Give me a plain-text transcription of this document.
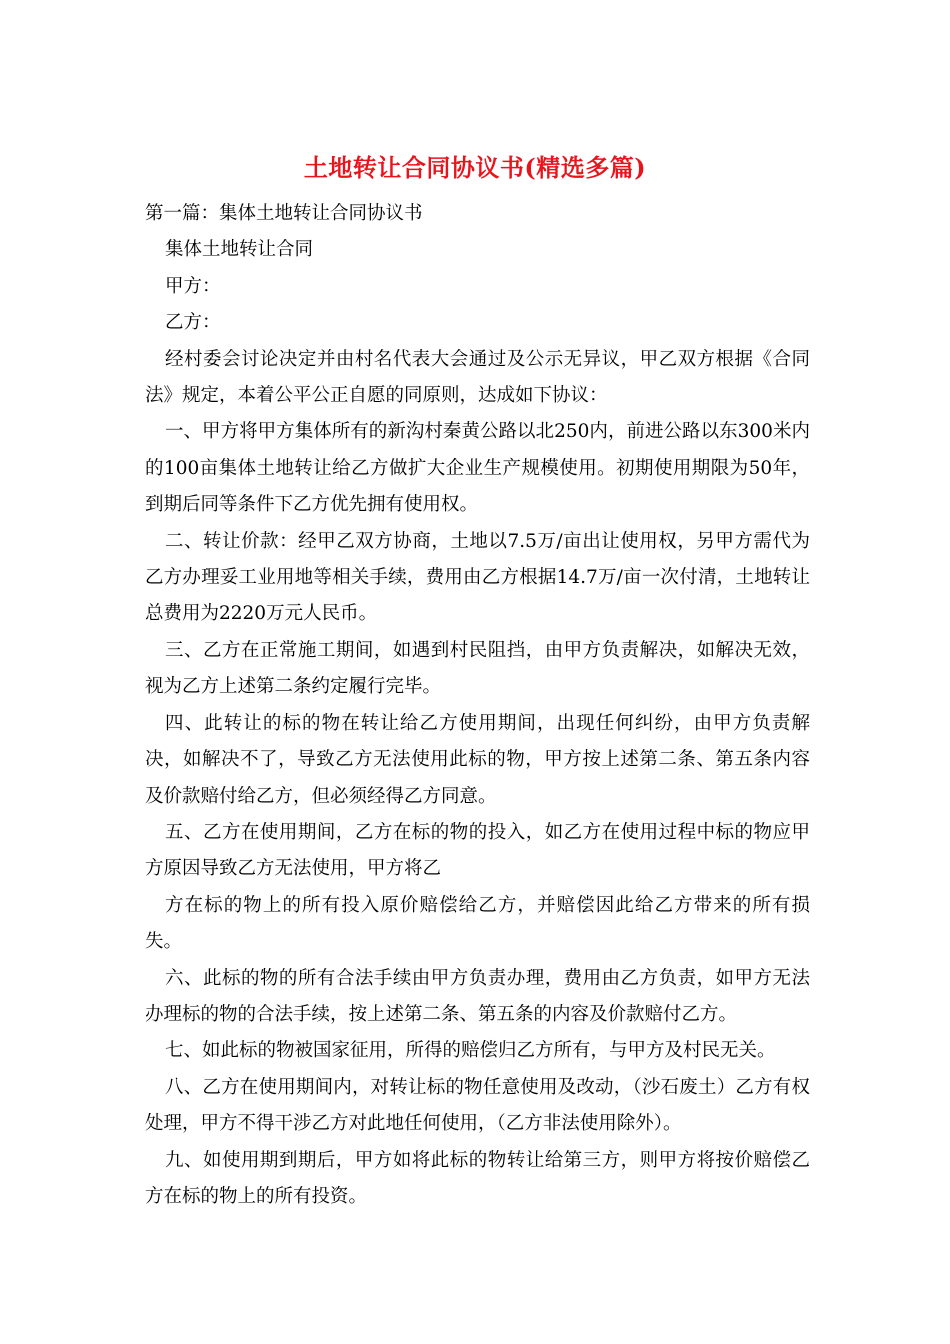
土地转让合同协议书(精选多篇)

第一篇：集体土地转让合同协议书

集体土地转让合同

甲方：

乙方：

经村委会讨论决定并由村名代表大会通过及公示无异议，甲乙双方根据《合同法》规定，本着公平公正自愿的同原则，达成如下协议：

一、甲方将甲方集体所有的新沟村秦黄公路以北250内，前进公路以东300米内的100亩集体土地转让给乙方做扩大企业生产规模使用。初期使用期限为50年，到期后同等条件下乙方优先拥有使用权。

二、转让价款：经甲乙双方协商，土地以7.5万/亩出让使用权，另甲方需代为乙方办理妥工业用地等相关手续，费用由乙方根据14.7万/亩一次付清，土地转让总费用为2220万元人民币。

三、乙方在正常施工期间，如遇到村民阻挡，由甲方负责解决，如解决无效，视为乙方上述第二条约定履行完毕。

四、此转让的标的物在转让给乙方使用期间，出现任何纠纷，由甲方负责解决，如解决不了，导致乙方无法使用此标的物，甲方按上述第二条、第五条内容及价款赔付给乙方，但必须经得乙方同意。

五、乙方在使用期间，乙方在标的物的投入，如乙方在使用过程中标的物应甲方原因导致乙方无法使用，甲方将乙

方在标的物上的所有投入原价赔偿给乙方，并赔偿因此给乙方带来的所有损失。

六、此标的物的所有合法手续由甲方负责办理，费用由乙方负责，如甲方无法办理标的物的合法手续，按上述第二条、第五条的内容及价款赔付乙方。

七、如此标的物被国家征用，所得的赔偿归乙方所有，与甲方及村民无关。

八、乙方在使用期间内，对转让标的物任意使用及改动，（沙石废土）乙方有权处理，甲方不得干涉乙方对此地任何使用，（乙方非法使用除外）。

九、如使用期到期后，甲方如将此标的物转让给第三方，则甲方将按价赔偿乙方在标的物上的所有投资。
